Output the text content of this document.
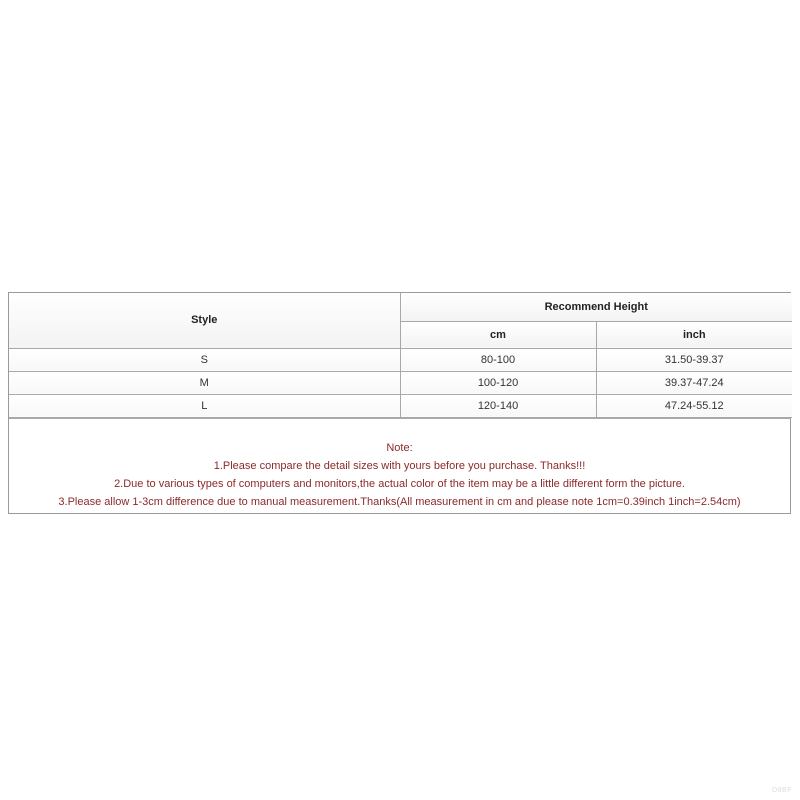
Style	Recommend Height	
	cm	inch
S	80-100	31.50-39.37
M	100-120	39.37-47.24
L	120-140	47.24-55.12
Note:
1.Please compare the detail sizes with yours before you purchase. Thanks!!!
2.Due to various types of computers and monitors,the actual color of the item may be a little different form the picture.
3.Please allow 1-3cm difference due to manual measurement.Thanks(All measurement in cm and please note 1cm=0.39inch 1inch=2.54cm)
O8BF
